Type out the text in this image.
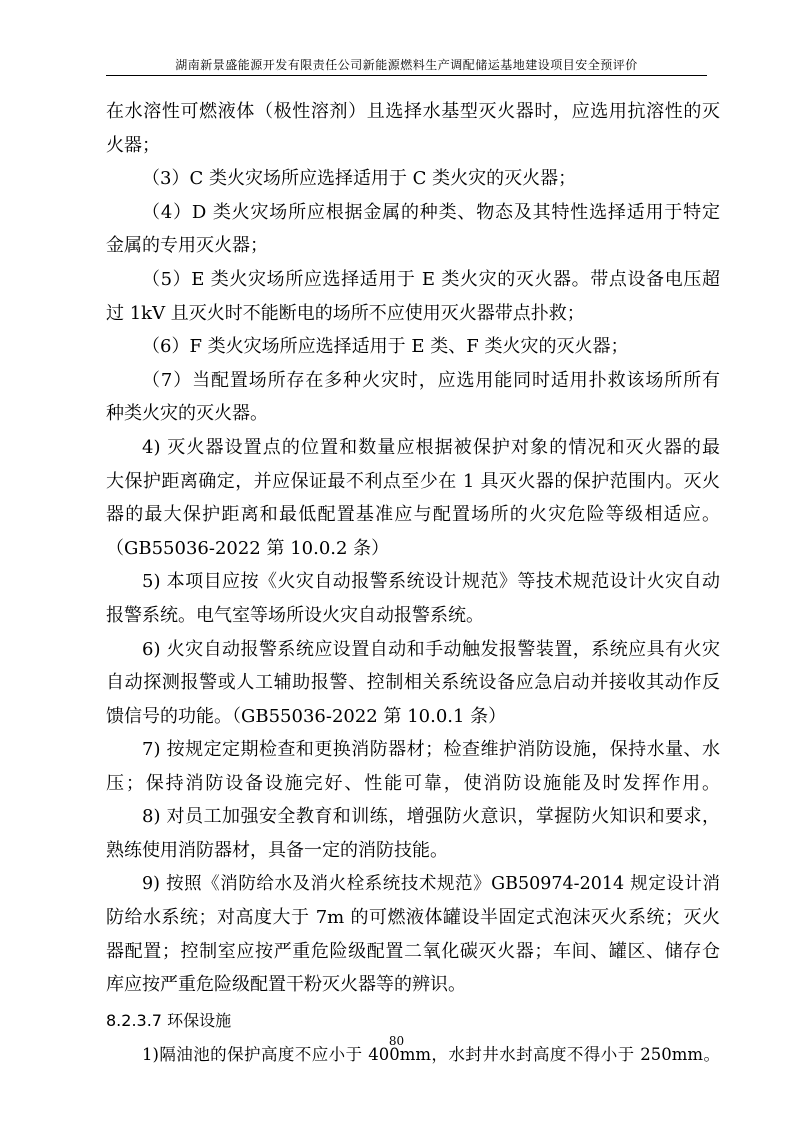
湖南新景盛能源开发有限责任公司新能源燃料生产调配储运基地建设项目安全预评价
在水溶性可燃液体（极性溶剂）且选择水基型灭火器时，应选用抗溶性的灭
火器；
（3）C 类火灾场所应选择适用于 C 类火灾的灭火器；
（4）D 类火灾场所应根据金属的种类、物态及其特性选择适用于特定
金属的专用灭火器；
（5）E 类火灾场所应选择适用于 E 类火灾的灭火器。带点设备电压超
过 1kV 且灭火时不能断电的场所不应使用灭火器带点扑救；
（6）F 类火灾场所应选择适用于 E 类、F 类火灾的灭火器；
（7）当配置场所存在多种火灾时，应选用能同时适用扑救该场所所有
种类火灾的灭火器。
4) 灭火器设置点的位置和数量应根据被保护对象的情况和灭火器的最
大保护距离确定，并应保证最不利点至少在 1 具灭火器的保护范围内。灭火
器的最大保护距离和最低配置基准应与配置场所的火灾危险等级相适应。
（GB55036-2022 第 10.0.2 条）
5) 本项目应按《火灾自动报警系统设计规范》等技术规范设计火灾自动
报警系统。电气室等场所设火灾自动报警系统。
6) 火灾自动报警系统应设置自动和手动触发报警装置，系统应具有火灾
自动探测报警或人工辅助报警、控制相关系统设备应急启动并接收其动作反
馈信号的功能。（GB55036-2022 第 10.0.1 条）
7) 按规定定期检查和更换消防器材；检查维护消防设施，保持水量、水
压；保持消防设备设施完好、性能可靠，使消防设施能及时发挥作用。
8) 对员工加强安全教育和训练，增强防火意识，掌握防火知识和要求，
熟练使用消防器材，具备一定的消防技能。
9) 按照《消防给水及消火栓系统技术规范》GB50974-2014 规定设计消
防给水系统；对高度大于 7m 的可燃液体罐设半固定式泡沫灭火系统；灭火
器配置；控制室应按严重危险级配置二氧化碳灭火器；车间、罐区、储存仓
库应按严重危险级配置干粉灭火器等的辨识。
8.2.3.7 环保设施
1)隔油池的保护高度不应小于 400mm，水封井水封高度不得小于 250mm。
80
